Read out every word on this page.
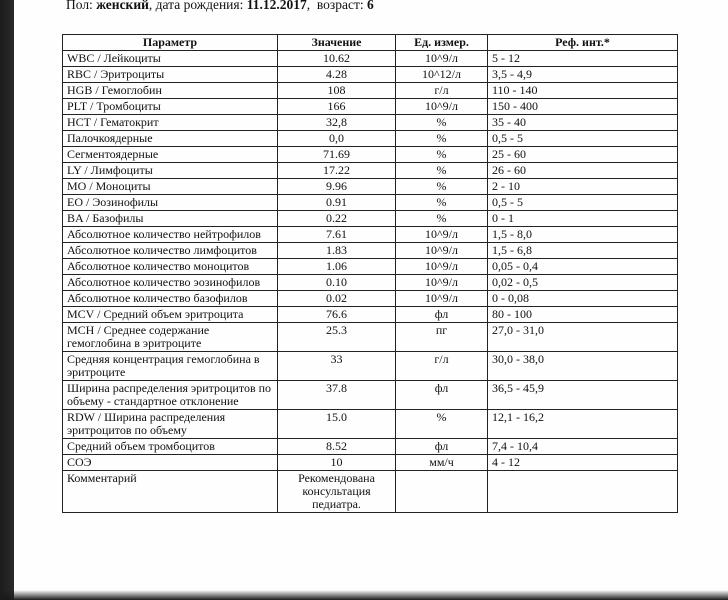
Пол: женский, дата рождения: 11.12.2017,  возраст: 6
Параметр	Значение	Ед. измер.	Реф. инт.*
WBC / Лейкоциты	10.62	10^9/л	5 - 12
RBC / Эритроциты	4.28	10^12/л	3,5 - 4,9
HGB / Гемоглобин	108	г/л	110 - 140
PLT / Тромбоциты	166	10^9/л	150 - 400
HCT / Гематокрит	32,8	%	35 - 40
Палочкоядерные	0,0	%	0,5 - 5
Сегментоядерные	71.69	%	25 - 60
LY / Лимфоциты	17.22	%	26 - 60
MO / Моноциты	9.96	%	2 - 10
EO / Эозинофилы	0.91	%	0,5 - 5
BA / Базофилы	0.22	%	0 - 1
Абсолютное количество нейтрофилов	7.61	10^9/л	1,5 - 8,0
Абсолютное количество лимфоцитов	1.83	10^9/л	1,5 - 6,8
Абсолютное количество моноцитов	1.06	10^9/л	0,05 - 0,4
Абсолютное количество эозинофилов	0.10	10^9/л	0,02 - 0,5
Абсолютное количество базофилов	0.02	10^9/л	0 - 0,08
MCV / Средний объем эритроцита	76.6	фл	80 - 100
MCH / Среднее содержание гемоглобина в эритроците	25.3	пг	27,0 - 31,0
Средняя концентрация гемоглобина в эритроците	33	г/л	30,0 - 38,0
Ширина распределения эритроцитов по объему - стандартное отклонение	37.8	фл	36,5 - 45,9
RDW / Ширина распределения эритроцитов по объему	15.0	%	12,1 - 16,2
Средний объем тромбоцитов	8.52	фл	7,4 - 10,4
СОЭ	10	мм/ч	4 - 12
Комментарий	Рекомендована консультация педиатра.		
